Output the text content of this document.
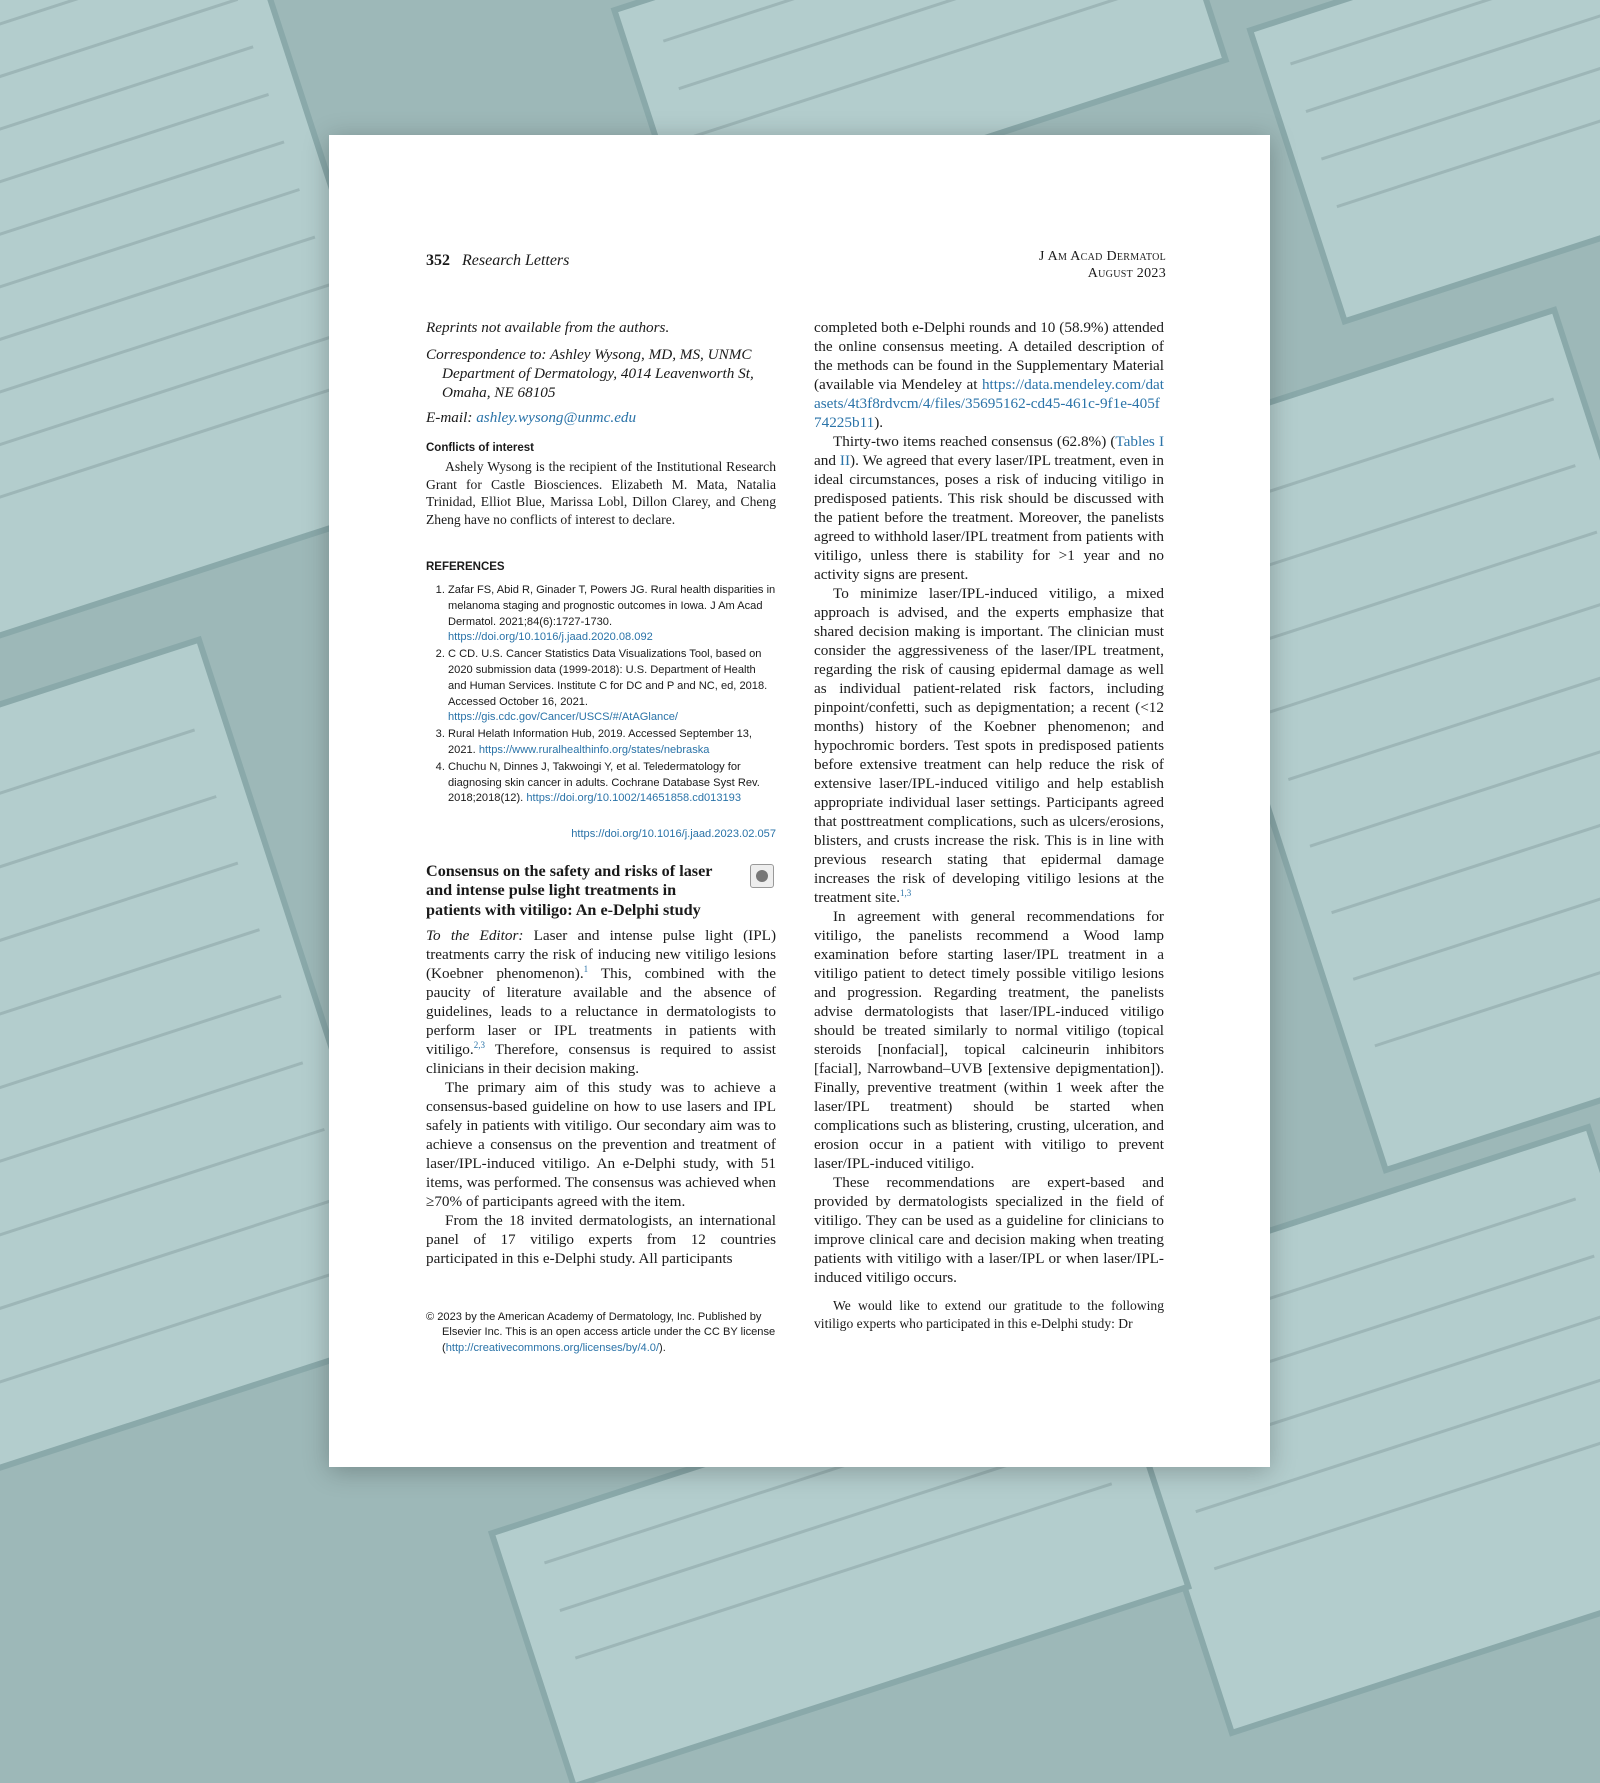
352 Research Letters	J Am Acad Dermatol
August 2023

Reprints not available from the authors.

Correspondence to: Ashley Wysong, MD, MS, UNMC Department of Dermatology, 4014 Leavenworth St, Omaha, NE 68105

E-mail: ashley.wysong@unmc.edu

Conflicts of interest

Ashely Wysong is the recipient of the Institutional Research Grant for Castle Biosciences. Elizabeth M. Mata, Natalia Trinidad, Elliot Blue, Marissa Lobl, Dillon Clarey, and Cheng Zheng have no conflicts of interest to declare.

REFERENCES
1. Zafar FS, Abid R, Ginader T, Powers JG. Rural health disparities in melanoma staging and prognostic outcomes in Iowa. J Am Acad Dermatol. 2021;84(6):1727-1730. https://doi.org/10.1016/j.jaad.2020.08.092
2. C CD. U.S. Cancer Statistics Data Visualizations Tool, based on 2020 submission data (1999-2018): U.S. Department of Health and Human Services. Institute C for DC and P and NC, ed, 2018. Accessed October 16, 2021. https://gis.cdc.gov/Cancer/USCS/#/AtAGlance/
3. Rural Helath Information Hub, 2019. Accessed September 13, 2021. https://www.ruralhealthinfo.org/states/nebraska
4. Chuchu N, Dinnes J, Takwoingi Y, et al. Teledermatology for diagnosing skin cancer in adults. Cochrane Database Syst Rev. 2018;2018(12). https://doi.org/10.1002/14651858.cd013193
https://doi.org/10.1016/j.jaad.2023.02.057
Consensus on the safety and risks of laser and intense pulse light treatments in patients with vitiligo: An e-Delphi study

To the Editor: Laser and intense pulse light (IPL) treatments carry the risk of inducing new vitiligo lesions (Koebner phenomenon).$^1$ This, combined with the paucity of literature available and the absence of guidelines, leads to a reluctance in dermatologists to perform laser or IPL treatments in patients with vitiligo.$^{2,3}$ Therefore, consensus is required to assist clinicians in their decision making.

The primary aim of this study was to achieve a consensus-based guideline on how to use lasers and IPL safely in patients with vitiligo. Our secondary aim was to achieve a consensus on the prevention and treatment of laser/IPL-induced vitiligo. An e-Delphi study, with 51 items, was performed. The consensus was achieved when ≥70% of participants agreed with the item.

From the 18 invited dermatologists, an international panel of 17 vitiligo experts from 12 countries participated in this e-Delphi study. All participants

© 2023 by the American Academy of Dermatology, Inc. Published by Elsevier Inc. This is an open access article under the CC BY license (http://creativecommons.org/licenses/by/4.0/).

completed both e-Delphi rounds and 10 (58.9%) attended the online consensus meeting. A detailed description of the methods can be found in the Supplementary Material (available via Mendeley at https://data.mendeley.com/datasets/4t3f8rdvcm/4/files/35695162-cd45-461c-9f1e-405f74225b11).

Thirty-two items reached consensus (62.8%) (Tables I and II). We agreed that every laser/IPL treatment, even in ideal circumstances, poses a risk of inducing vitiligo in predisposed patients. This risk should be discussed with the patient before the treatment. Moreover, the panelists agreed to withhold laser/IPL treatment from patients with vitiligo, unless there is stability for >1 year and no activity signs are present.

To minimize laser/IPL-induced vitiligo, a mixed approach is advised, and the experts emphasize that shared decision making is important. The clinician must consider the aggressiveness of the laser/IPL treatment, regarding the risk of causing epidermal damage as well as individual patient-related risk factors, including pinpoint/confetti, such as depigmentation; a recent (<12 months) history of the Koebner phenomenon; and hypochromic borders. Test spots in predisposed patients before extensive treatment can help reduce the risk of extensive laser/IPL-induced vitiligo and help establish appropriate individual laser settings. Participants agreed that posttreatment complications, such as ulcers/erosions, blisters, and crusts increase the risk. This is in line with previous research stating that epidermal damage increases the risk of developing vitiligo lesions at the treatment site.$^{1,3}$

In agreement with general recommendations for vitiligo, the panelists recommend a Wood lamp examination before starting laser/IPL treatment in a vitiligo patient to detect timely possible vitiligo lesions and progression. Regarding treatment, the panelists advise dermatologists that laser/IPL-induced vitiligo should be treated similarly to normal vitiligo (topical steroids [nonfacial], topical calcineurin inhibitors [facial], Narrowband–UVB [extensive depigmentation]). Finally, preventive treatment (within 1 week after the laser/IPL treatment) should be started when complications such as blistering, crusting, ulceration, and erosion occur in a patient with vitiligo to prevent laser/IPL-induced vitiligo.

These recommendations are expert-based and provided by dermatologists specialized in the field of vitiligo. They can be used as a guideline for clinicians to improve clinical care and decision making when treating patients with vitiligo with a laser/IPL or when laser/IPL-induced vitiligo occurs.

We would like to extend our gratitude to the following vitiligo experts who participated in this e-Delphi study: Dr
